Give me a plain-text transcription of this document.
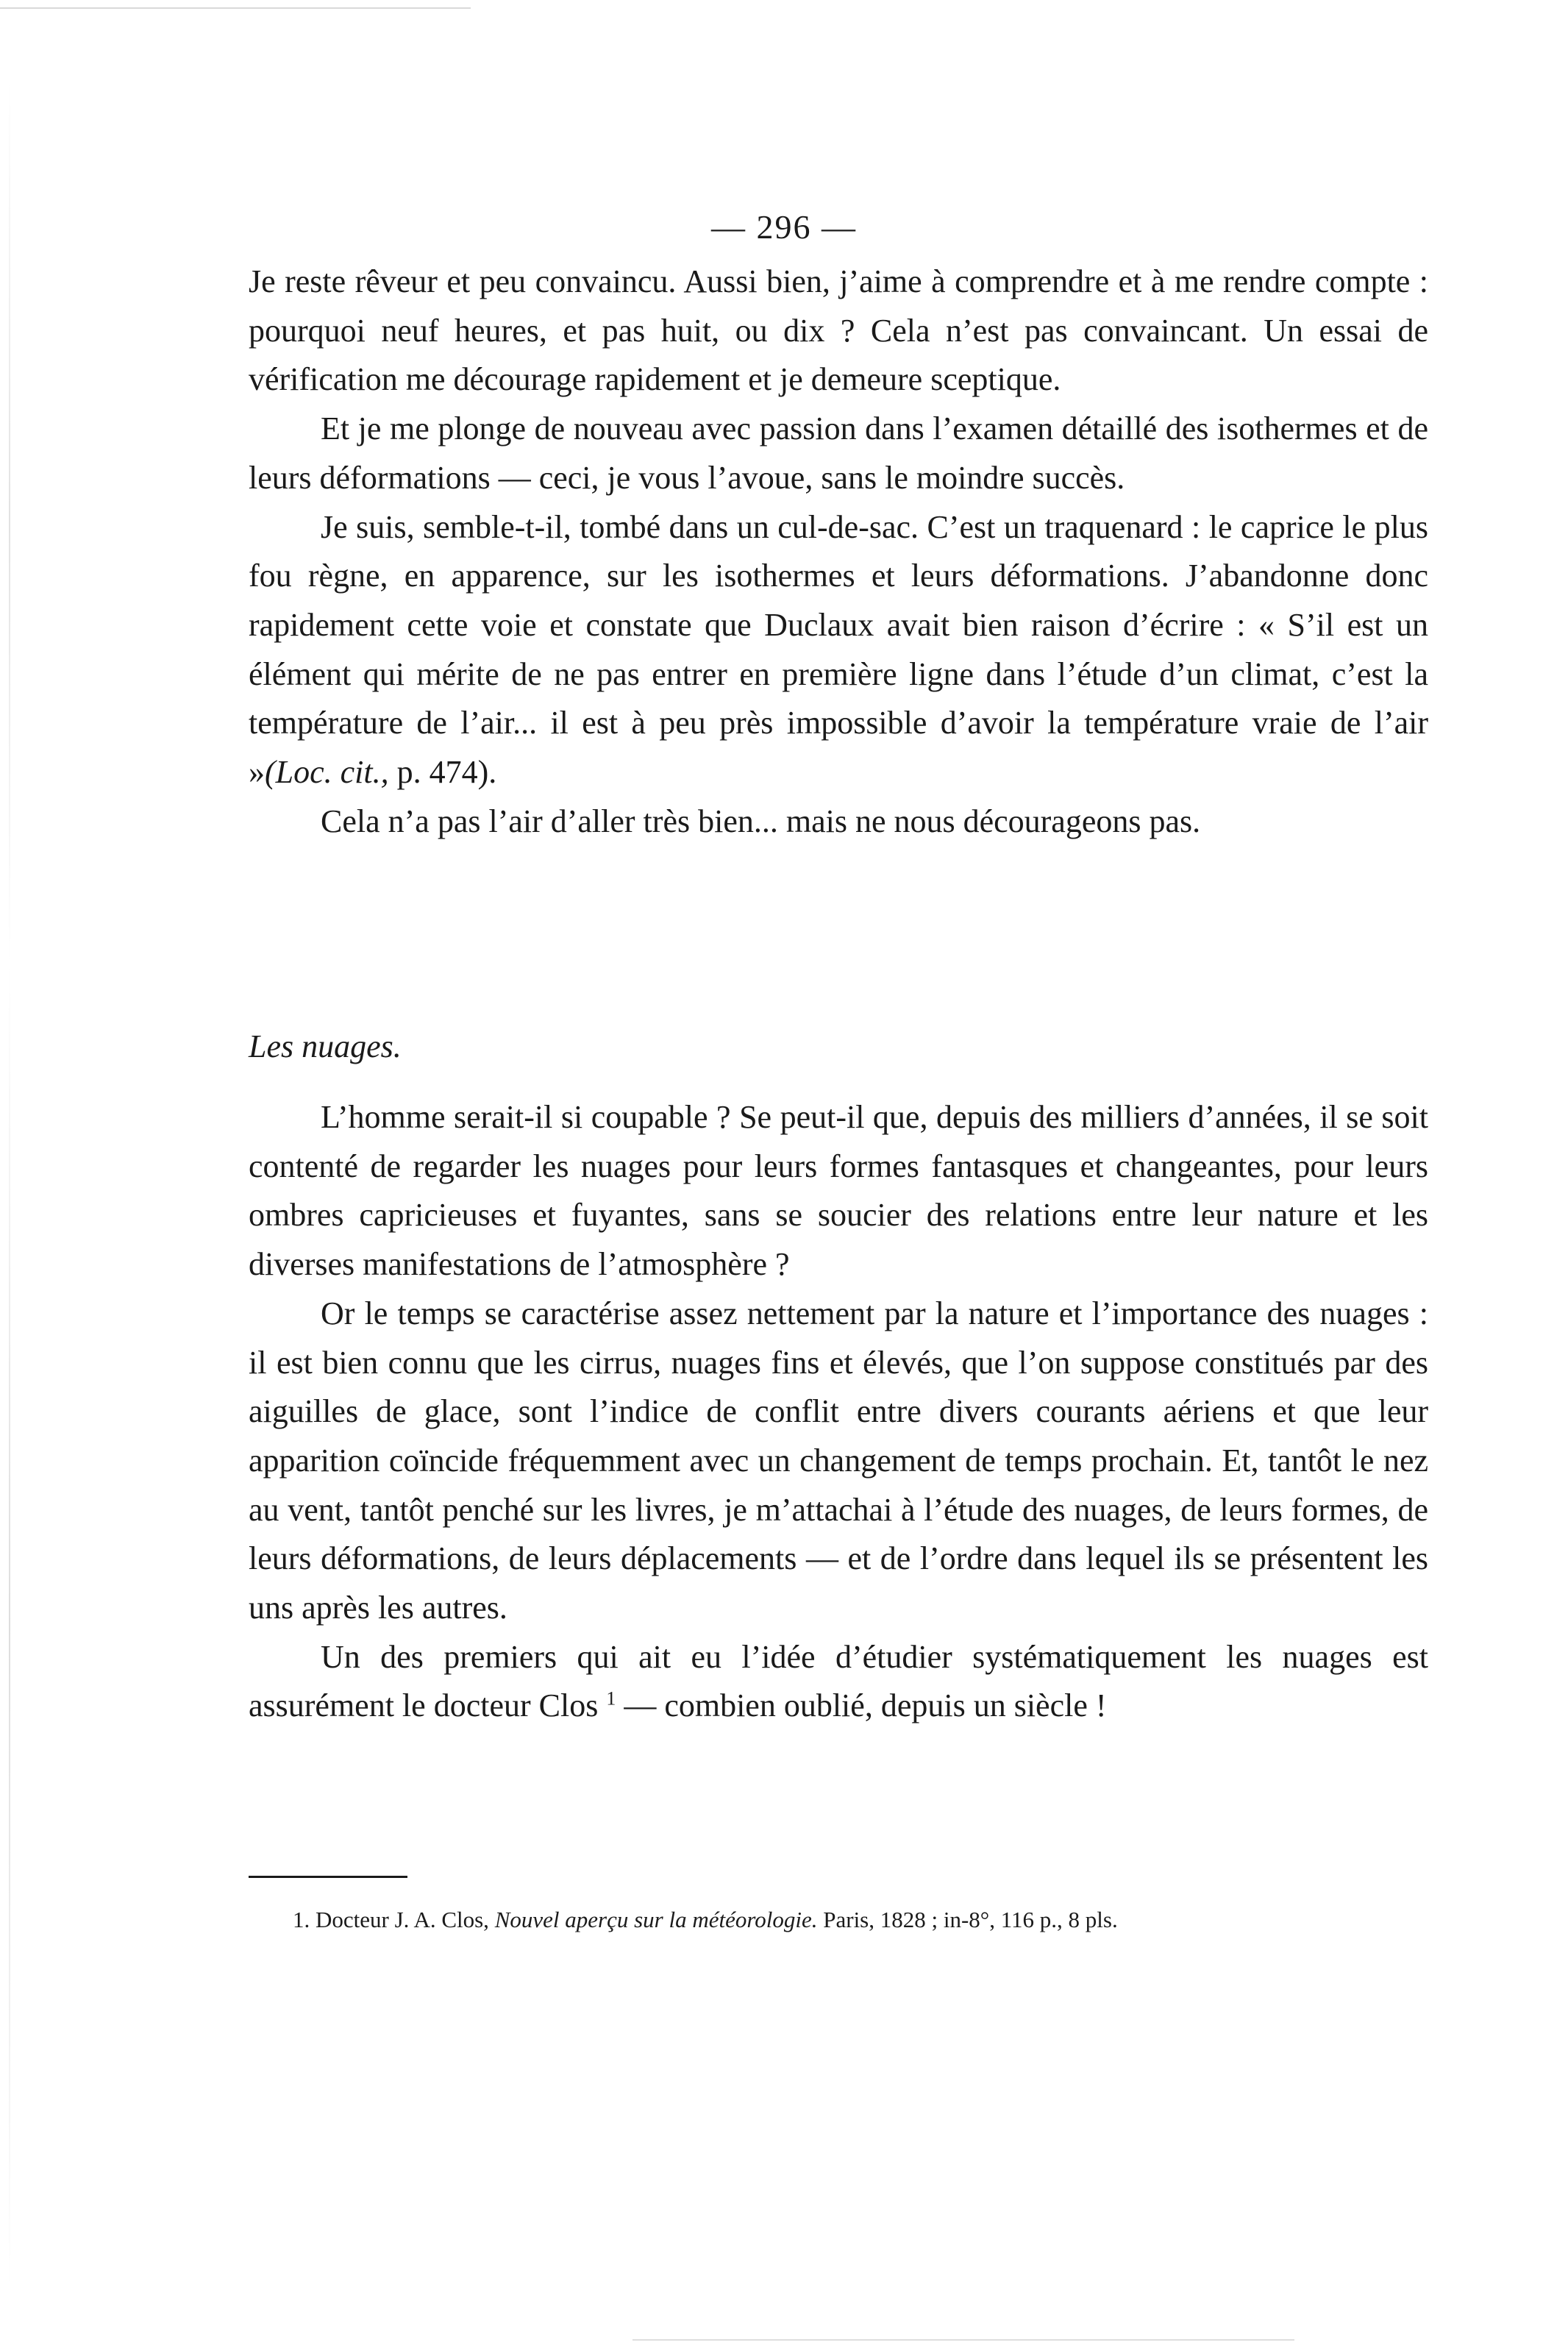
— 296 —

Je reste rêveur et peu convaincu. Aussi bien, j’aime à comprendre et à me rendre compte : pourquoi neuf heures, et pas huit, ou dix ? Cela n’est pas convaincant. Un essai de vérification me décourage rapidement et je demeure sceptique.

Et je me plonge de nouveau avec passion dans l’examen détaillé des isothermes et de leurs déformations — ceci, je vous l’avoue, sans le moindre succès.

Je suis, semble-t-il, tombé dans un cul-de-sac. C’est un traquenard : le caprice le plus fou règne, en apparence, sur les isothermes et leurs déformations. J’abandonne donc rapidement cette voie et constate que Duclaux avait bien raison d’écrire : « S’il est un élément qui mérite de ne pas entrer en première ligne dans l’étude d’un climat, c’est la température de l’air... il est à peu près impossible d’avoir la température vraie de l’air »(Loc. cit., p. 474).

Cela n’a pas l’air d’aller très bien... mais ne nous décourageons pas.

Les nuages.

L’homme serait-il si coupable ? Se peut-il que, depuis des milliers d’années, il se soit contenté de regarder les nuages pour leurs formes fantasques et changeantes, pour leurs ombres capricieuses et fuyantes, sans se soucier des relations entre leur nature et les diverses manifestations de l’atmosphère ?

Or le temps se caractérise assez nettement par la nature et l’importance des nuages : il est bien connu que les cirrus, nuages fins et élevés, que l’on suppose constitués par des aiguilles de glace, sont l’indice de conflit entre divers courants aériens et que leur apparition coïncide fréquemment avec un changement de temps prochain. Et, tantôt le nez au vent, tantôt penché sur les livres, je m’attachai à l’étude des nuages, de leurs formes, de leurs déformations, de leurs déplacements — et de l’ordre dans lequel ils se présentent les uns après les autres.

Un des premiers qui ait eu l’idée d’étudier systématiquement les nuages est assurément le docteur Clos $^1$ — combien oublié, depuis un siècle !

1. Docteur J. A. Clos, Nouvel aperçu sur la météorologie. Paris, 1828 ; in-8°, 116 p., 8 pls.
